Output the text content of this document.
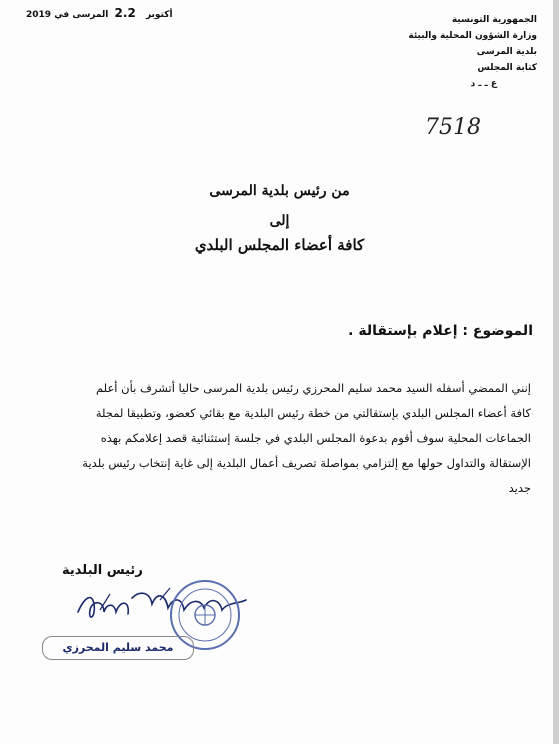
الجمهورية التونسية
وزارة الشؤون المحلية والبيئة
بلدية المرسى
كتابة المجلس
ع ـ ـ د
2019	أكتوبر 2.2 المرسى في
7518
من رئيس بلدية المرسى
إلى
كافة أعضاء المجلس البلدي
الموضوع : إعلام بإستقالة .
إنني الممضي أسفله السيد محمد سليم المحرزي رئيس بلدية المرسى حاليا أتشرف بأن أعلم
كافة أعضاء المجلس البلدي بإستقالتي من خطة رئيس البلدية مع بقائي كعضو، وتطبيقا لمجلة
الجماعات المحلية سوف أقوم بدعوة المجلس البلدي في جلسة إستثنائية قصد إعلامكم بهذه
الإستقالة والتداول حولها مع إلتزامي بمواصلة تصريف أعمال البلدية إلى غاية إنتخاب رئيس بلدية
جديد
رئيس البلدية
محمد سليم المحرزي
